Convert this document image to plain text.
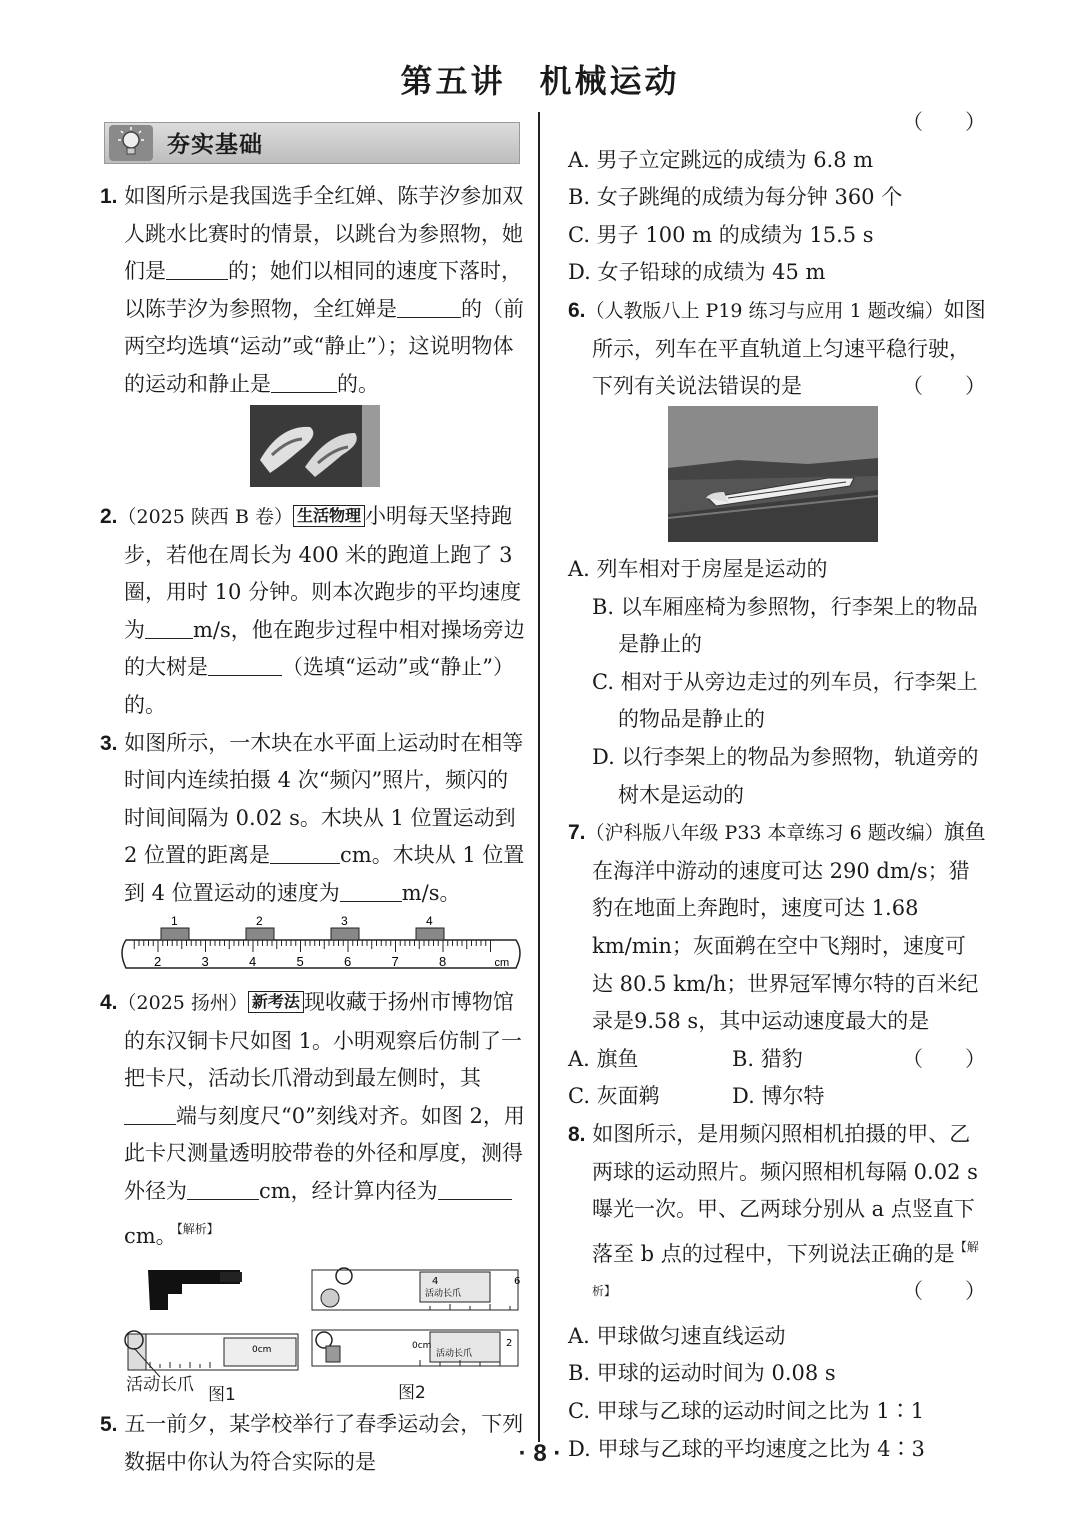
第五讲 机械运动
夯实基础

1. 如图所示是我国选手全红婵、陈芋汐参加双人跳水比赛时的情景，以跳台为参照物，她们是	的；她们以相同的速度下落时，以陈芋汐为参照物，全红婵是	的（前两空均选填“运动”或“静止”）；这说明物体的运动和静止是	的。

2.（2025 陕西 B 卷） 生活物理 小明每天坚持跑步，若他在周长为 400 米的跑道上跑了 3 圈，用时 10 分钟。则本次跑步的平均速度为 m/s，他在跑步过程中相对操场旁边的大树是	（选填“运动”或“静止”）的。

3. 如图所示，一木块在水平面上运动时在相等时间内连续拍摄 4 次“频闪”照片，频闪的时间间隔为 0.02 s。木块从 1 位置运动到 2 位置的距离是	cm。木块从 1 位置到 4 位置运动的速度为	m/s。

2	3	4	5	6	7	8	cm
1	2	3	4

4.（2025 扬州） 新考法 现收藏于扬州市博物馆的东汉铜卡尺如图 1。小明观察后仿制了一把卡尺，活动长爪滑动到最左侧时，其端与刻度尺“0”刻线对齐。如图 2，用此卡尺测量透明胶带卷的外径和厚度，测得外径为	cm，经计算内径为cm。$^{【解析】}$

0cm
活动长爪
4	6
活动长爪
0cm	2
活动长爪 图1	图2

5. 五一前夕，某学校举行了春季运动会，下列数据中你认为符合实际的是

（　　）

A. 男子立定跳远的成绩为 6.8 m

B. 女子跳绳的成绩为每分钟 360 个

C. 男子 100 m 的成绩为 15.5 s

D. 女子铅球的成绩为 45 m

6.（人教版八上 P19 练习与应用 1 题改编）如图所示，列车在平直轨道上匀速平稳行驶，下列有关说法错误的是	（　　）

A. 列车相对于房屋是运动的

B. 以车厢座椅为参照物，行李架上的物品是静止的

C. 相对于从旁边走过的列车员，行李架上的物品是静止的

D. 以行李架上的物品为参照物，轨道旁的树木是运动的

7.（沪科版八年级 P33 本章练习 6 题改编）旗鱼在海洋中游动的速度可达 290 dm/s；猎豹在地面上奔跑时，速度可达 1.68 km/min；灰面鹈在空中飞翔时，速度可达 80.5 km/h；世界冠军博尔特的百米纪录是9.58 s，其中运动速度最大的是
（　　）

A. 旗鱼	B. 猎豹
C. 灰面鹈	D. 博尔特

8. 如图所示，是用频闪照相机拍摄的甲、乙两球的运动照片。频闪照相机每隔 0.02 s 曝光一次。甲、乙两球分别从 a 点竖直下落至 b 点的过程中，下列说法正确的是$^{【解析】}$	（　　）

A. 甲球做匀速直线运动

B. 甲球的运动时间为 0.08 s

C. 甲球与乙球的运动时间之比为 1∶1

D. 甲球与乙球的平均速度之比为 4∶3

· 8 ·
